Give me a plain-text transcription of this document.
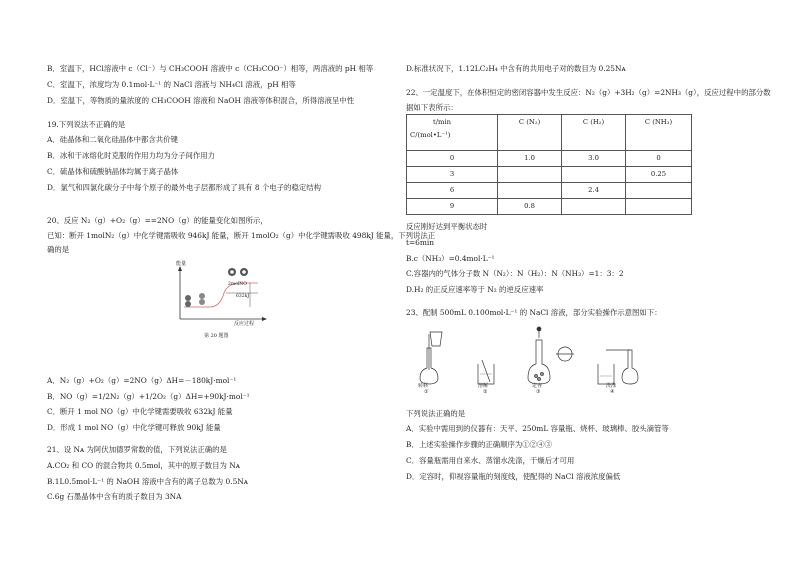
B．室温下，HCl溶液中 c（Cl⁻）与 CH₃COOH 溶液中 c（CH₃COO⁻）相等，两溶液的 pH 相等
C．室温下，浓度均为 0.1mol·L⁻¹ 的 NaCl 溶液与 NH₄Cl 溶液，pH 相等
D．室温下，等物质的量浓度的 CH₃COOH 溶液和 NaOH 溶液等体积混合，所得溶液呈中性
19.下列说法不正确的是
A．硅晶体和二氧化硅晶体中都含共价键
B．冰和干冰熔化时克服的作用力均为分子间作用力
C．硫晶体和硫酸钠晶体均属于离子晶体
D．氯气和四氯化碳分子中每个原子的最外电子层都形成了具有 8 个电子的稳定结构
20、反应 N₂（g）+O₂（g）==2NO（g）的能量变化如图所示，
已知：断开 1molN₂（g）中化学键需吸收 946kJ 能量，断开 1molO₂（g）中化学键需吸收 498kJ 能量，下列说法正
确的是
能量
2molNO
632kJ
反应过程
第 20 题图
A．N₂（g）+O₂（g）=2NO（g）ΔH=－180kJ·mol⁻¹
B．NO（g）=1/2N₂（g）+1/2O₂（g）ΔH=+90kJ·mol⁻¹
C．断开 1 mol NO（g）中化学键需要吸收 632kJ 能量
D．形成 1 mol NO（g）中化学键可释放 90kJ 能量
21、设 Nᴀ 为阿伏加德罗常数的值，下列说法正确的是
A.CO₂ 和 CO 的混合物共 0.5mol，其中的原子数目为 Nᴀ
B.1L0.5mol·L⁻¹ 的 NaOH 溶液中含有的离子总数为 0.5Nᴀ
C.6g 石墨晶体中含有的质子数目为 3NA
D.标准状况下，1.12LC₂H₄ 中含有的共用电子对的数目为 0.25Nᴀ
22、一定温度下，在体积恒定的密闭容器中发生反应：N₂（g）+3H₂（g）=2NH₃（g），反应过程中的部分数
据如下表所示：
t/min
C/(mol•L⁻¹)	C (N₂)	C (H₂)	C (NH₃)
0	1.0	3.0	0
3			0.25
6		2.4	
9	0.8		
反应刚好达到平衡状态时
t=6min
B.c（NH₃）=0.4mol·L⁻¹
C.容器内的气体分子数 N（N₂）：N（H₂）：N（NH₃）=1：3：2
D.H₂ 的正反应速率等于 N₂ 的逆反应速率
23、配制 500mL 0.100mol·L⁻¹ 的 NaCl 溶液，部分实验操作示意图如下：
转移
①
溶解
②
定容
③
洗涤
④
下列说法正确的是
A．实验中需用到的仪器有：天平、250mL 容量瓶、烧杯、玻璃棒、胶头滴管等
B．上述实验操作步骤的正确顺序为①②④③
C．容量瓶需用自来水、蒸馏水洗涤，干燥后才可用
D．定容时，仰视容量瓶的刻度线，使配得的 NaCl 溶液浓度偏低
